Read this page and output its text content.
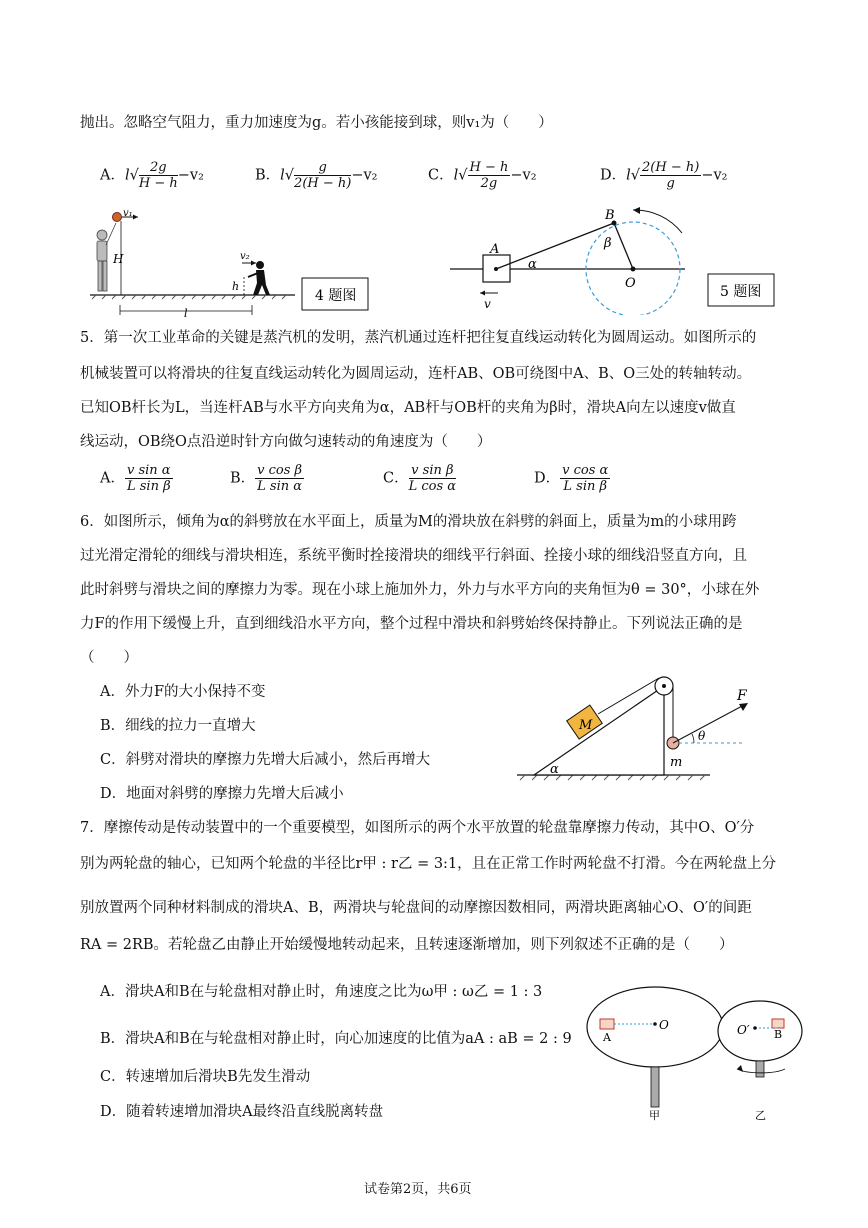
抛出。忽略空气阻力，重力加速度为g。若小孩能接到球，则v₁为（　　）
A．$l√ \frac{2g}{H - h} -v_2$	B．$l√ \frac{g}{2(H - h)} -v_2$	C．$l√ \frac{H - h}{2g} -v_2$	D．$l√ \frac{2(H - h)}{g} -v_2$
v₁
H	v₂
h
l
4 题图
A
B
O
α
β
v
5 题图
5．第一次工业革命的关键是蒸汽机的发明，蒸汽机通过连杆把往复直线运动转化为圆周运动。如图所示的
机械装置可以将滑块的往复直线运动转化为圆周运动，连杆AB、OB可绕图中A、B、O三处的转轴转动。
已知OB杆长为L，当连杆AB与水平方向夹角为α，AB杆与OB杆的夹角为β时，滑块A向左以速度v做直
线运动，OB绕O点沿逆时针方向做匀速转动的角速度为（　　）
A． $\frac{\text{v sin α}}{\text{L sin β}}$	B． $\frac{\text{v cos β}}{\text{L sin α}}$	C． $\frac{\text{v sin β}}{\text{L cos α}}$	D． $\frac{\text{v cos α}}{\text{L sin β}}$
6．如图所示，倾角为α的斜劈放在水平面上，质量为M的滑块放在斜劈的斜面上，质量为m的小球用跨
过光滑定滑轮的细线与滑块相连，系统平衡时拴接滑块的细线平行斜面、拴接小球的细线沿竖直方向，且
此时斜劈与滑块之间的摩擦力为零。现在小球上施加外力，外力与水平方向的夹角恒为θ = 30°，小球在外
力F的作用下缓慢上升，直到细线沿水平方向，整个过程中滑块和斜劈始终保持静止。下列说法正确的是
（　　）
A．外力F的大小保持不变
B．细线的拉力一直增大
C．斜劈对滑块的摩擦力先增大后减小，然后再增大
D．地面对斜劈的摩擦力先增大后减小
α
M
m
F
θ
7．摩擦传动是传动装置中的一个重要模型，如图所示的两个水平放置的轮盘靠摩擦力传动，其中O、O′分
别为两轮盘的轴心，已知两个轮盘的半径比r甲 : r乙 = 3:1，且在正常工作时两轮盘不打滑。今在两轮盘上分
别放置两个同种材料制成的滑块A、B，两滑块与轮盘间的动摩擦因数相同，两滑块距离轴心O、O′的间距
RA = 2RB。若轮盘乙由静止开始缓慢地转动起来，且转速逐渐增加，则下列叙述不正确的是（　　）
A．滑块A和B在与轮盘相对静止时，角速度之比为ω甲 : ω乙 = 1 : 3
B．滑块A和B在与轮盘相对静止时，向心加速度的比值为aA : aB = 2 : 9
C．转速增加后滑块B先发生滑动
D．随着转速增加滑块A最终沿直线脱离转盘
A
O
B
O′
甲	乙
试卷第2页，共6页
